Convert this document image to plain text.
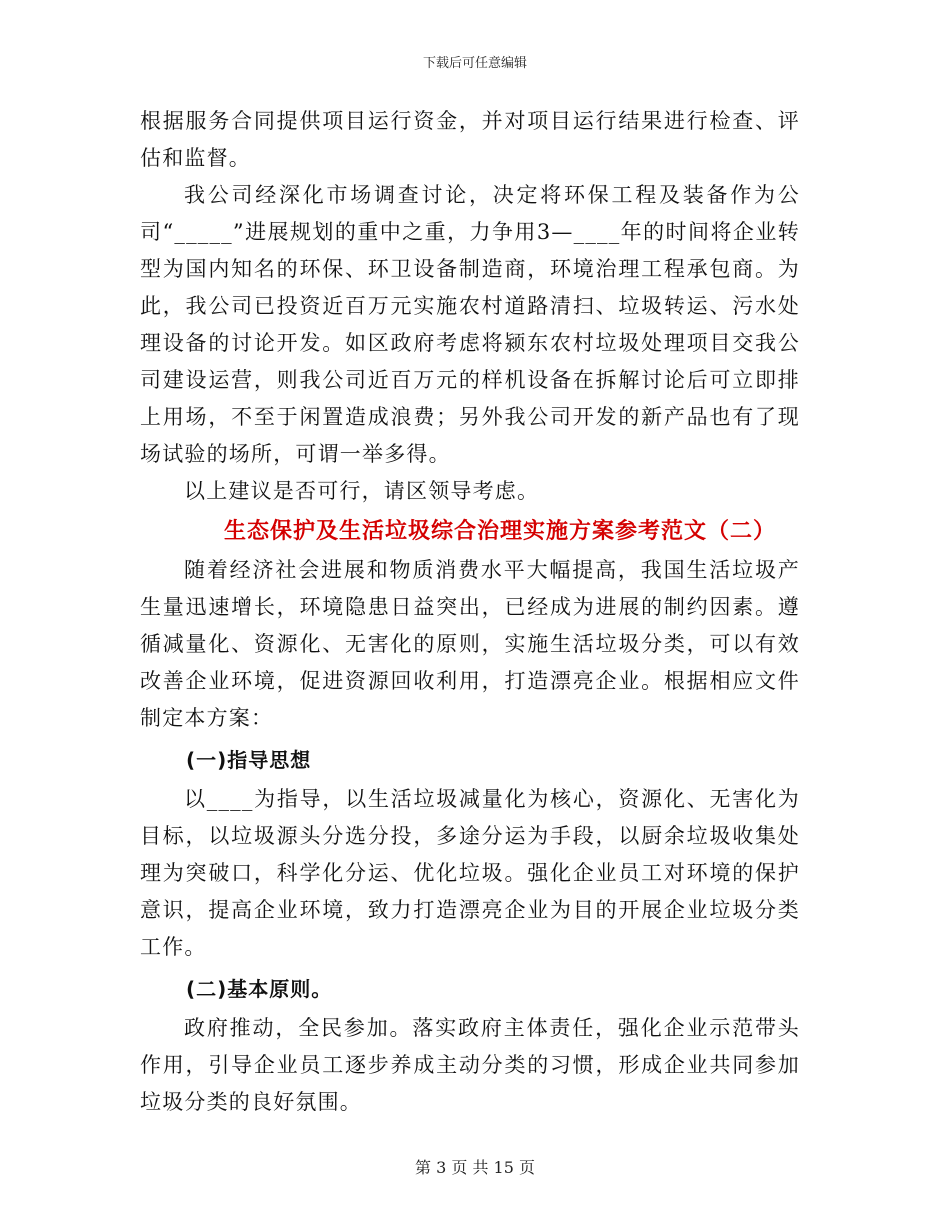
下载后可任意编辑

根据服务合同提供项目运行资金，并对项目运行结果进行检查、评估和监督。

我公司经深化市场调查讨论，决定将环保工程及装备作为公司“_____”进展规划的重中之重，力争用3—____年的时间将企业转型为国内知名的环保、环卫设备制造商，环境治理工程承包商。为此，我公司已投资近百万元实施农村道路清扫、垃圾转运、污水处理设备的讨论开发。如区政府考虑将颍东农村垃圾处理项目交我公司建设运营，则我公司近百万元的样机设备在拆解讨论后可立即排上用场，不至于闲置造成浪费；另外我公司开发的新产品也有了现场试验的场所，可谓一举多得。

以上建议是否可行，请区领导考虑。

生态保护及生活垃圾综合治理实施方案参考范文（二）

随着经济社会进展和物质消费水平大幅提高，我国生活垃圾产生量迅速增长，环境隐患日益突出，已经成为进展的制约因素。遵循减量化、资源化、无害化的原则，实施生活垃圾分类，可以有效改善企业环境，促进资源回收利用，打造漂亮企业。根据相应文件制定本方案：

(一)指导思想

以____为指导，以生活垃圾减量化为核心，资源化、无害化为目标，以垃圾源头分选分投，多途分运为手段，以厨余垃圾收集处理为突破口，科学化分运、优化垃圾。强化企业员工对环境的保护意识，提高企业环境，致力打造漂亮企业为目的开展企业垃圾分类工作。

(二)基本原则。

政府推动，全民参加。落实政府主体责任，强化企业示范带头作用，引导企业员工逐步养成主动分类的习惯，形成企业共同参加垃圾分类的良好氛围。

第 3 页 共 15 页
